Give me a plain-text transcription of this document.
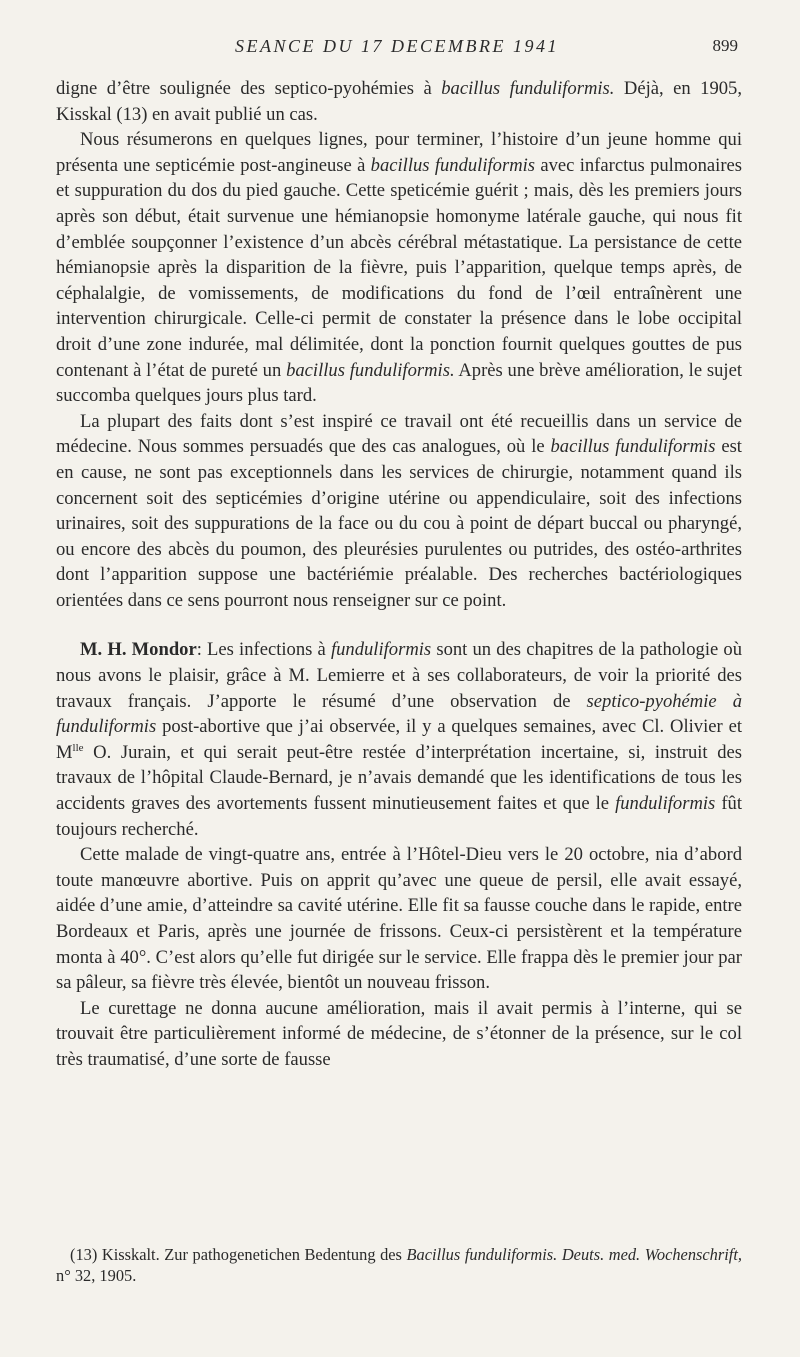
SEANCE DU 17 DECEMBRE 1941	899

digne d’être soulignée des septico-pyohémies à bacillus funduliformis. Déjà, en 1905, Kisskal (13) en avait publié un cas.

Nous résumerons en quelques lignes, pour terminer, l’histoire d’un jeune homme qui présenta une septicémie post-angineuse à bacillus funduliformis avec infarctus pulmonaires et suppuration du dos du pied gauche. Cette speticémie guérit ; mais, dès les premiers jours après son début, était survenue une hémianopsie homonyme latérale gauche, qui nous fit d’emblée soupçonner l’existence d’un abcès cérébral métastatique. La persistance de cette hémianopsie après la disparition de la fièvre, puis l’apparition, quelque temps après, de céphalalgie, de vomissements, de modifications du fond de l’œil entraînèrent une intervention chirurgicale. Celle-ci permit de constater la présence dans le lobe occipital droit d’une zone indurée, mal délimitée, dont la ponction fournit quelques gouttes de pus contenant à l’état de pureté un bacillus funduliformis. Après une brève amélioration, le sujet succomba quelques jours plus tard.

La plupart des faits dont s’est inspiré ce travail ont été recueillis dans un service de médecine. Nous sommes persuadés que des cas analogues, où le bacillus funduliformis est en cause, ne sont pas exceptionnels dans les services de chirurgie, notamment quand ils concernent soit des septicémies d’origine utérine ou appendiculaire, soit des infections urinaires, soit des suppurations de la face ou du cou à point de départ buccal ou pharyngé, ou encore des abcès du poumon, des pleurésies purulentes ou putrides, des ostéo-arthrites dont l’apparition suppose une bactériémie préalable. Des recherches bactériologiques orientées dans ce sens pourront nous renseigner sur ce point.

M. H. Mondor: Les infections à funduliformis sont un des chapitres de la pathologie où nous avons le plaisir, grâce à M. Lemierre et à ses collaborateurs, de voir la priorité des travaux français. J’apporte le résumé d’une observation de septico-pyohémie à funduliformis post-abortive que j’ai observée, il y a quelques semaines, avec Cl. Olivier et $M^{lle}$ O. Jurain, et qui serait peut-être restée d’interprétation incertaine, si, instruit des travaux de l’hôpital Claude-Bernard, je n’avais demandé que les identifications de tous les accidents graves des avortements fussent minutieusement faites et que le funduliformis fût toujours recherché.

Cette malade de vingt-quatre ans, entrée à l’Hôtel-Dieu vers le 20 octobre, nia d’abord toute manœuvre abortive. Puis on apprit qu’avec une queue de persil, elle avait essayé, aidée d’une amie, d’atteindre sa cavité utérine. Elle fit sa fausse couche dans le rapide, entre Bordeaux et Paris, après une journée de frissons. Ceux-ci persistèrent et la température monta à 40°. C’est alors qu’elle fut dirigée sur le service. Elle frappa dès le premier jour par sa pâleur, sa fièvre très élevée, bientôt un nouveau frisson.

Le curettage ne donna aucune amélioration, mais il avait permis à l’interne, qui se trouvait être particulièrement informé de médecine, de s’étonner de la présence, sur le col très traumatisé, d’une sorte de fausse

(13) Kisskalt. Zur pathogenetichen Bedentung des Bacillus funduliformis. Deuts. med. Wochenschrift, n° 32, 1905.
